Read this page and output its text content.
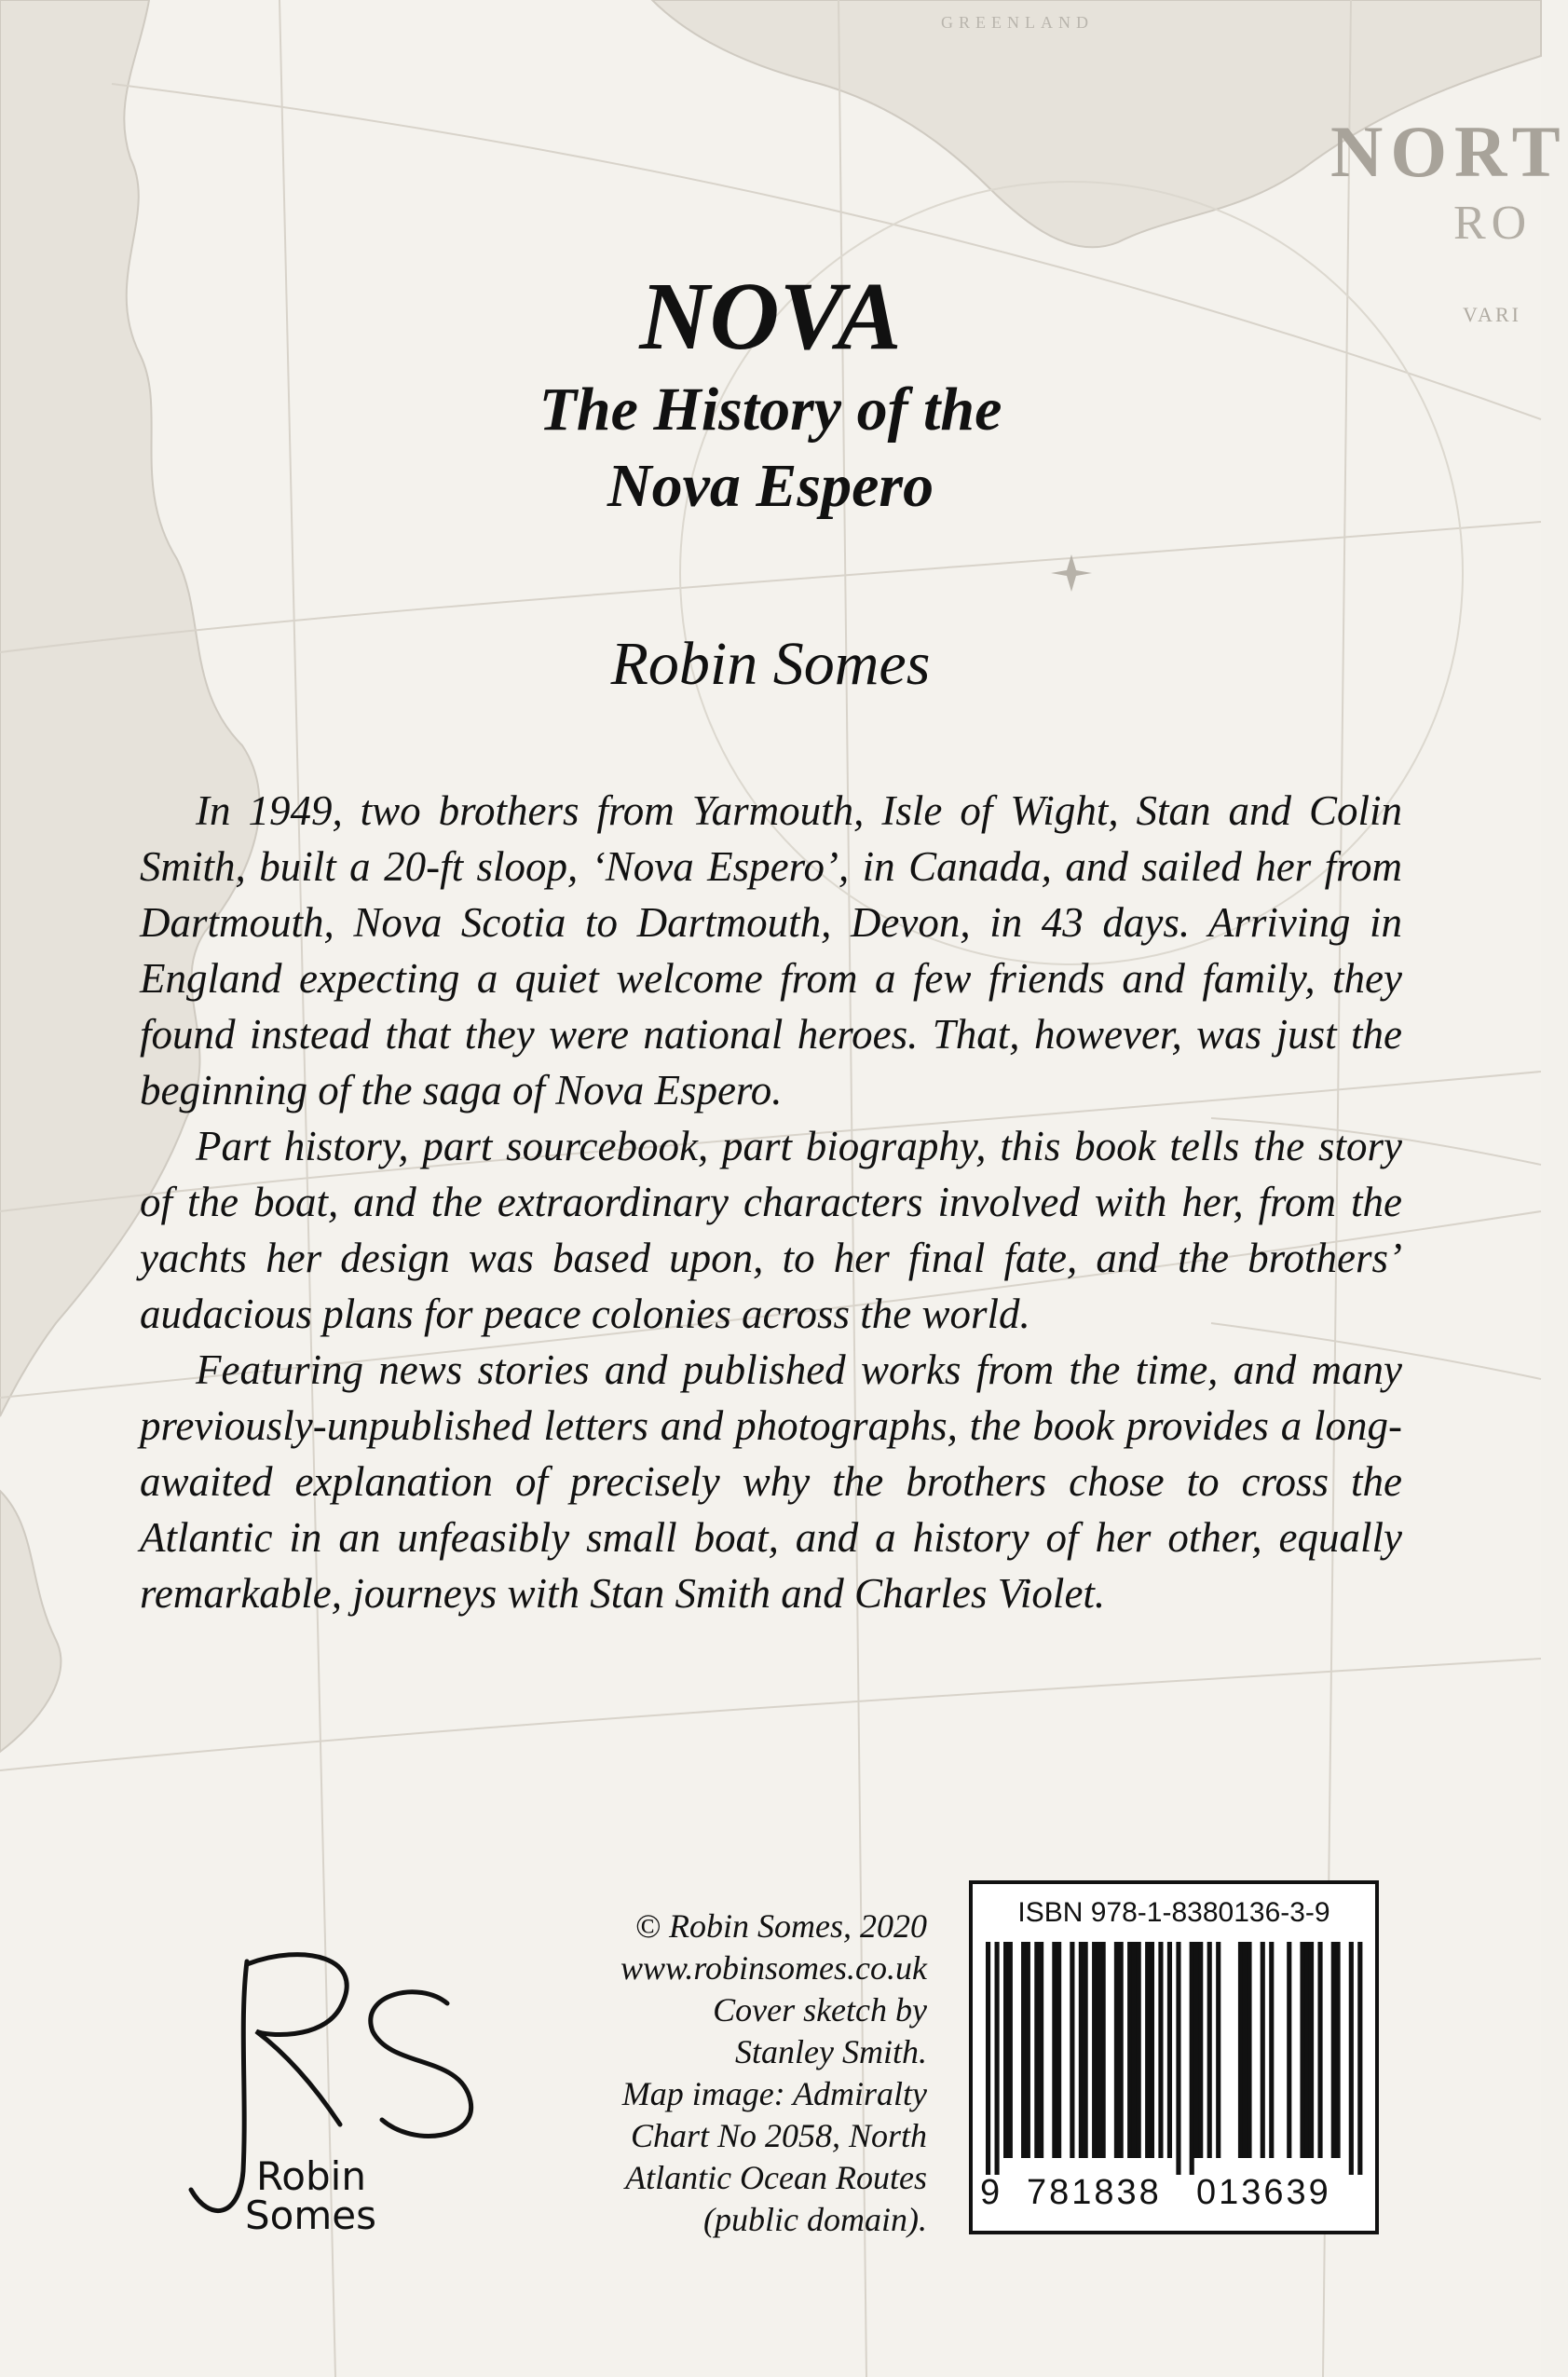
GREENLAND
NORT
RO
VARI
NOVA
The History of the
Nova Espero
Robin Somes

In 1949, two brothers from Yarmouth, Isle of Wight, Stan and Colin Smith, built a 20-ft sloop, ‘Nova Espero’, in Canada, and sailed her from Dartmouth, Nova Scotia to Dartmouth, Devon, in 43 days. Arriving in England expecting a quiet welcome from a few friends and family, they found instead that they were national heroes. That, however, was just the beginning of the saga of Nova Espero.

Part history, part sourcebook, part biography, this book tells the story of the boat, and the extraordinary characters involved with her, from the yachts her design was based upon, to her final fate, and the brothers’ audacious plans for peace colonies across the world.

Featuring news stories and published works from the time, and many previously-unpublished letters and photographs, the book provides a long-awaited explanation of precisely why the brothers chose to cross the Atlantic in an unfeasibly small boat, and a history of her other, equally remarkable, journeys with Stan Smith and Charles Violet.

Robin
Somes
© Robin Somes, 2020
www.robinsomes.co.uk
Cover sketch by
Stanley Smith.
Map image: Admiralty
Chart No 2058, North
Atlantic Ocean Routes
(public domain).
ISBN 978-1-8380136-3-9
9 781838 013639
